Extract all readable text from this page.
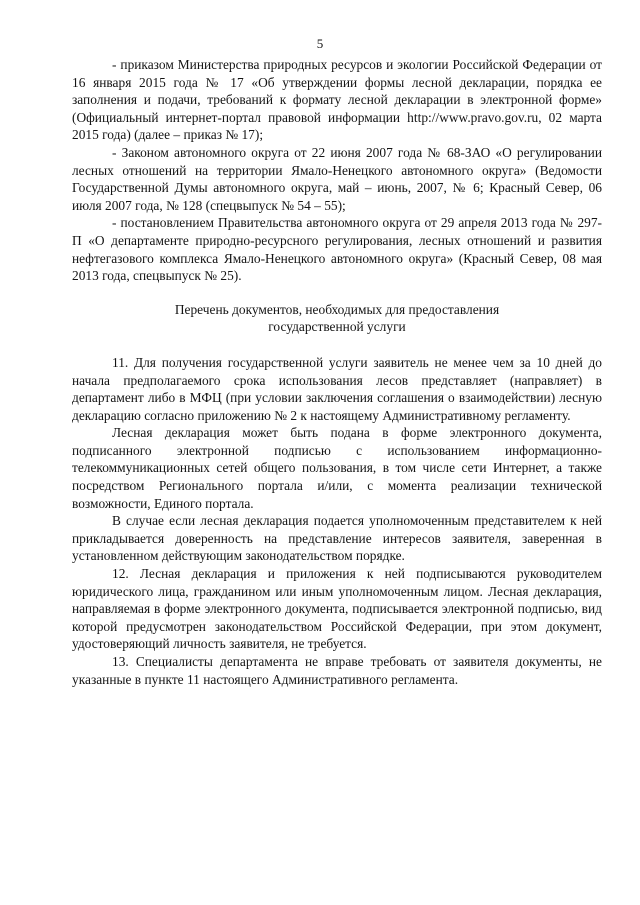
5

- приказом Министерства природных ресурсов и экологии Российской Федерации от 16 января 2015 года № 17 «Об утверждении формы лесной декларации, порядка ее заполнения и подачи, требований к формату лесной декларации в электронной форме» (Официальный интернет-портал правовой информации http://www.pravo.gov.ru, 02 марта 2015 года) (далее – приказ № 17);

- Законом автономного округа от 22 июня 2007 года № 68-ЗАО «О регулировании лесных отношений на территории Ямало-Ненецкого автономного округа» (Ведомости Государственной Думы автономного округа, май – июнь, 2007, № 6; Красный Север, 06 июля 2007 года, № 128 (спецвыпуск № 54 – 55);

- постановлением Правительства автономного округа от 29 апреля 2013 года № 297-П «О департаменте природно-ресурсного регулирования, лесных отношений и развития нефтегазового комплекса Ямало-Ненецкого автономного округа» (Красный Север, 08 мая 2013 года, спецвыпуск № 25).

Перечень документов, необходимых для предоставления
государственной услуги

11. Для получения государственной услуги заявитель не менее чем за 10 дней до начала предполагаемого срока использования лесов представляет (направляет) в департамент либо в МФЦ (при условии заключения соглашения о взаимодействии) лесную декларацию согласно приложению № 2 к настоящему Административному регламенту.

Лесная декларация может быть подана в форме электронного документа, подписанного электронной подписью с использованием информационно-телекоммуникационных сетей общего пользования, в том числе сети Интернет, а также посредством Регионального портала и/или, с момента реализации технической возможности, Единого портала.

В случае если лесная декларация подается уполномоченным представителем к ней прикладывается доверенность на представление интересов заявителя, заверенная в установленном действующим законодательством порядке.

12. Лесная декларация и приложения к ней подписываются руководителем юридического лица, гражданином или иным уполномоченным лицом. Лесная декларация, направляемая в форме электронного документа, подписывается электронной подписью, вид которой предусмотрен законодательством Российской Федерации, при этом документ, удостоверяющий личность заявителя, не требуется.

13. Специалисты департамента не вправе требовать от заявителя документы, не указанные в пункте 11 настоящего Административного регламента.
